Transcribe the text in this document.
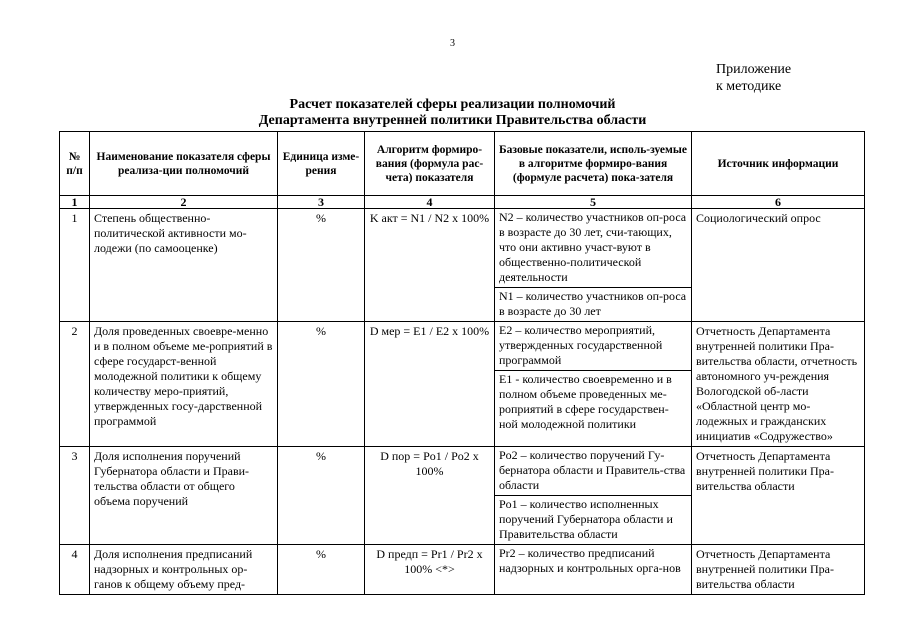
3
Приложение
к методике
Расчет показателей сферы реализации полномочий
Департамента внутренней политики Правительства области
№ п/п	Наименование показателя сферы реализа-ции полномочий	Единица изме-рения	Алгоритм формиро-вания (формула рас-чета) показателя	Базовые показатели, исполь-зуемые в алгоритме формиро-вания (формуле расчета) пока-зателя	Источник информации
1	2	3	4	5	6
1	Степень общественно-политической активности мо-лодежи (по самооценке)	%	K акт = N1 / N2 x 100%	N2 – количество участников оп-роса в возрасте до 30 лет, счи-тающих, что они активно участ-вуют в общественно-политической деятельности
N1 – количество участников оп-роса в возрасте до 30 лет	Социологический опрос
2	Доля проведенных своевре-менно и в полном объеме ме-роприятий в сфере государст-венной молодежной политики к общему количеству меро-приятий, утвержденных госу-дарственной программой	%	D мер = E1 / E2 x 100%	E2 – количество мероприятий, утвержденных государственной программой
E1 - количество своевременно и в полном объеме проведенных ме-роприятий в сфере государствен-ной молодежной политики	Отчетность Департамента внутренней политики Пра-вительства области, отчетность автономного уч-реждения Вологодской об-ласти «Областной центр мо-лодежных и гражданских инициатив «Содружество»
3	Доля исполнения поручений Губернатора области и Прави-тельства области от общего объема поручений	%	D пор = Po1 / Po2 x 100%	Po2 – количество поручений Гу-бернатора области и Правитель-ства области
Po1 – количество исполненных поручений Губернатора области и Правительства области	Отчетность Департамента внутренней политики Пра-вительства области
4	Доля исполнения предписаний надзорных и контрольных ор-ганов к общему объему пред-	%	D предп = Pr1 / Pr2 x 100% <*>	Pr2 – количество предписаний надзорных и контрольных орга-нов	Отчетность Департамента внутренней политики Пра-вительства области
